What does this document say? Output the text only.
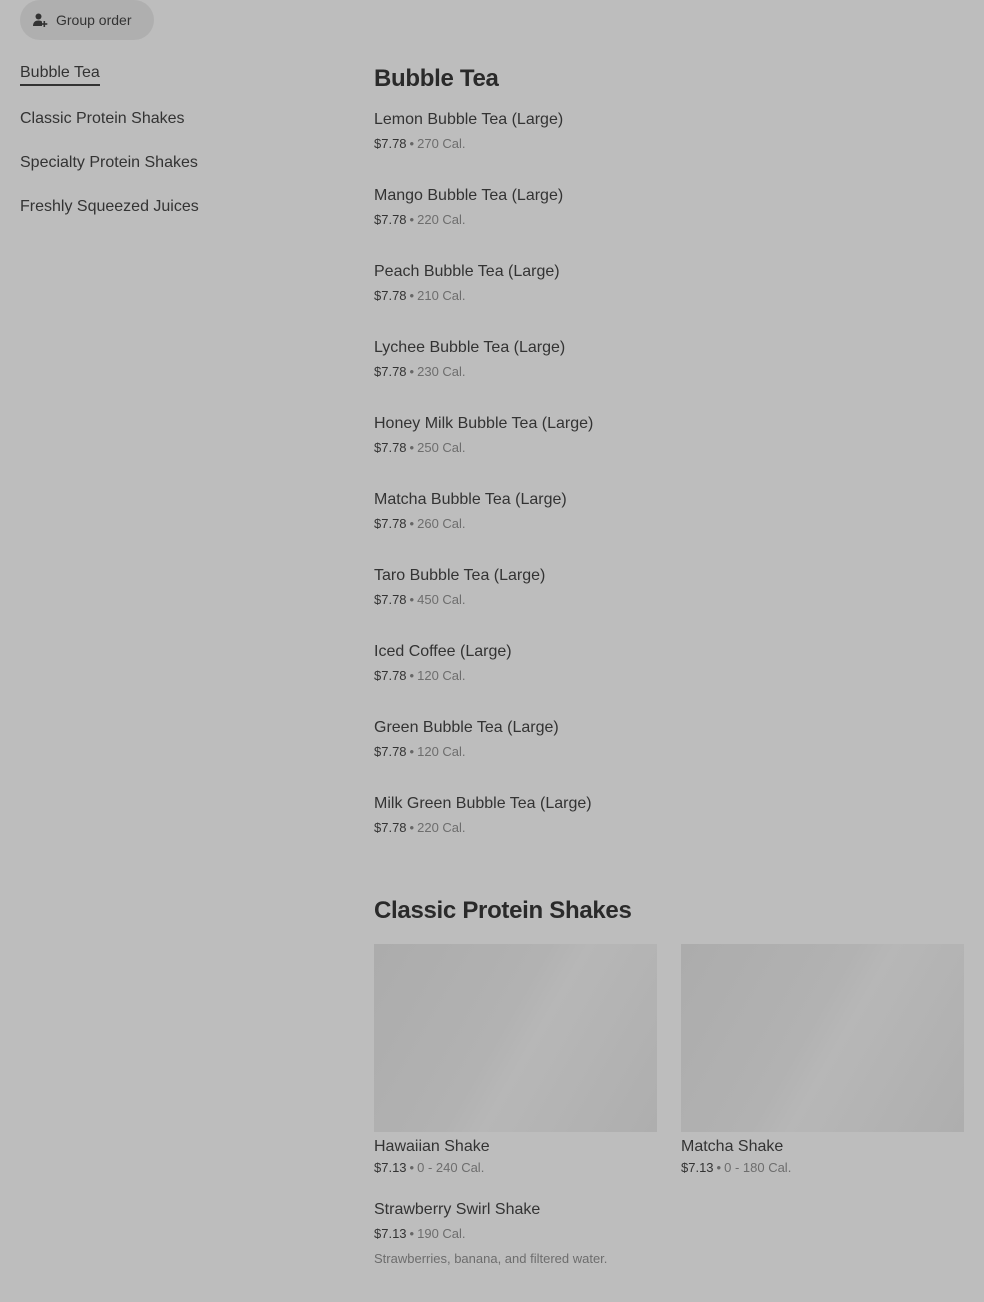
Group order
Bubble Tea
Classic Protein Shakes
Specialty Protein Shakes
Freshly Squeezed Juices
Bubble Tea
Lemon Bubble Tea (Large)
$7.78 • 270 Cal.
Mango Bubble Tea (Large)
$7.78 • 220 Cal.
Peach Bubble Tea (Large)
$7.78 • 210 Cal.
Lychee Bubble Tea (Large)
$7.78 • 230 Cal.
Honey Milk Bubble Tea (Large)
$7.78 • 250 Cal.
Matcha Bubble Tea (Large)
$7.78 • 260 Cal.
Taro Bubble Tea (Large)
$7.78 • 450 Cal.
Iced Coffee (Large)
$7.78 • 120 Cal.
Green Bubble Tea (Large)
$7.78 • 120 Cal.
Milk Green Bubble Tea (Large)
$7.78 • 220 Cal.
Classic Protein Shakes
Hawaiian Shake
$7.13 • 0 - 240 Cal.
Matcha Shake
$7.13 • 0 - 180 Cal.
Strawberry Swirl Shake
$7.13 • 190 Cal.
Strawberries, banana, and filtered water.
